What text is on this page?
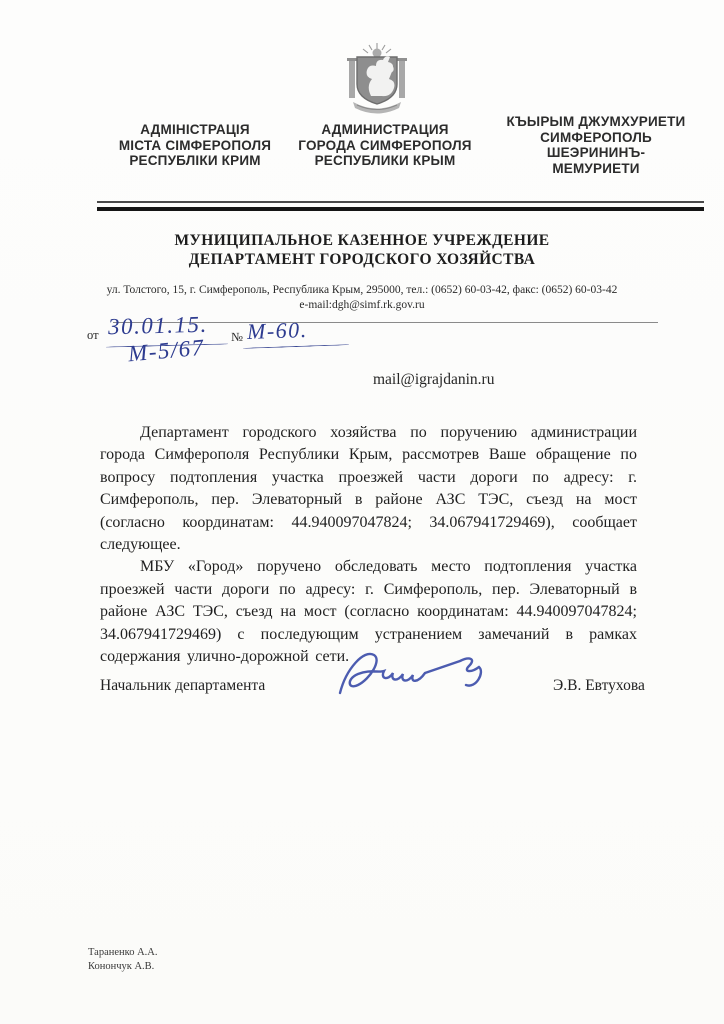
АДМІНІСТРАЦІЯ
МІСТА СІМФЕРОПОЛЯ
РЕСПУБЛІКИ КРИМ
АДМИНИСТРАЦИЯ
ГОРОДА СИМФЕРОПОЛЯ
РЕСПУБЛИКИ КРЫМ
КЪЫРЫМ ДЖУМХУРИЕТИ
СИМФЕРОПОЛЬ
ШЕЭРИНИНЪ-
МЕМУРИЕТИ
МУНИЦИПАЛЬНОЕ КАЗЕННОЕ УЧРЕЖДЕНИЕ
ДЕПАРТАМЕНТ ГОРОДСКОГО ХОЗЯЙСТВА
ул. Толстого, 15, г. Симферополь, Республика Крым, 295000, тел.: (0652) 60-03-42, факс: (0652) 60-03-42
e-mail:dgh@simf.rk.gov.ru
от 30.01.15. № М-60.
М-5/67
mail@igrajdanin.ru

Департамент городского хозяйства по поручению администрации города Симферополя Республики Крым, рассмотрев Ваше обращение по вопросу подтопления участка проезжей части дороги по адресу: г. Симферополь, пер. Элеваторный в районе АЗС ТЭС, съезд на мост (согласно координатам: 44.940097047824; 34.067941729469), сообщает следующее.

МБУ «Город» поручено обследовать место подтопления участка проезжей части дороги по адресу: г. Симферополь, пер. Элеваторный в районе АЗС ТЭС, съезд на мост (согласно координатам: 44.940097047824; 34.067941729469) с последующим устранением замечаний в рамках содержания улично-дорожной сети.

Начальник департамента	Э.В. Евтухова
Тараненко А.А.
Конончук А.В.
